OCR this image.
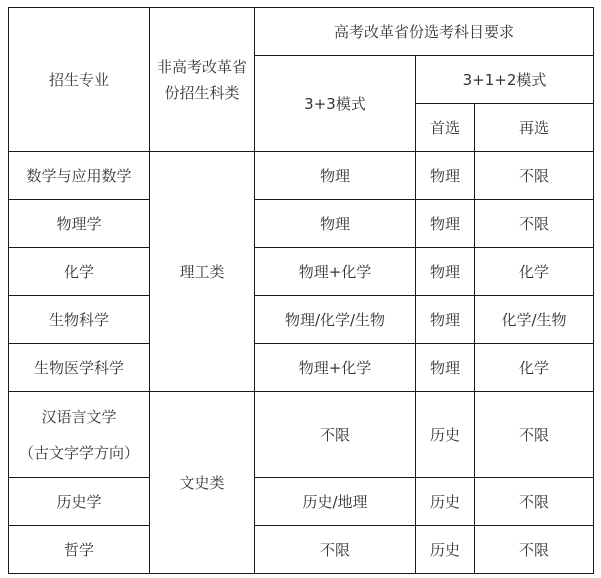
招生专业	非高考改革省份招生科类	高考改革省份选考科目要求		
		3+3模式	3+1+2模式	
			首选	再选
数学与应用数学	理工类	物理	物理	不限
物理学		物理	物理	不限
化学		物理+化学	物理	化学
生物科学		物理/化学/生物	物理	化学/生物
生物医学科学		物理+化学	物理	化学

汉语言文学
（古文字学方向）	文史类	不限	历史	不限
历史学		历史/地理	历史	不限
哲学		不限	历史	不限
